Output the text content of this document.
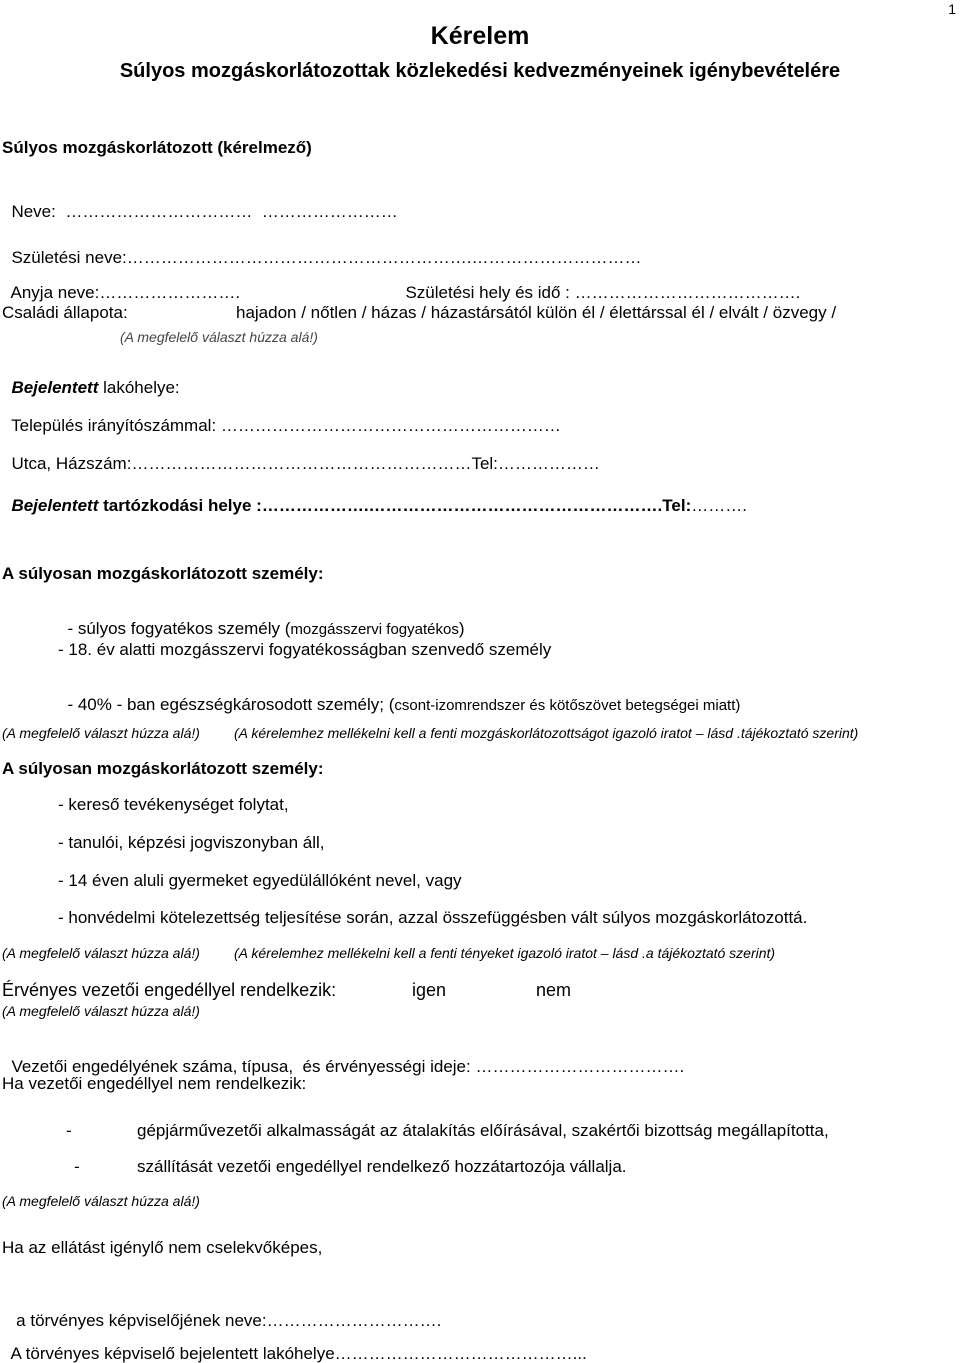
1
Kérelem
Súlyos mozgáskorlátozottak közlekedési kedvezményeinek igénybevételére
Súlyos mozgáskorlátozott (kérelmező)

Neve:  ……………………………  ……………………

Születési neve:…………………………………………………….…………………………

Anyja neve:…………………….	Születési hely és idő : ………………………………….

Családi állapota:	hajadon / nőtlen / házas / házastársától külön él / élettárssal él / elvált / özvegy /
(A megfelelő választ húzza alá!)

Bejelentett lakóhelye:

Település irányítószámmal: ……………………………………………………

Utca, Házszám:……………………………………………………Tel:………………

Bejelentett tartózkodási helye :……………….…………………………………………….Tel:……….

A súlyosan mozgáskorlátozott személy:

- súlyos fogyatékos személy (mozgásszervi fogyatékos)

- 18. év alatti mozgásszervi fogyatékosságban szenvedő személy

- 40% - ban egészségkárosodott személy; (csont-izomrendszer és kötőszövet betegségei miatt)

(A megfelelő választ húzza alá!) (A kérelemhez mellékelni kell a fenti mozgáskorlátozottságot igazoló iratot – lásd .tájékoztató szerint)
A súlyosan mozgáskorlátozott személy:
- kereső tevékenységet folytat,
- tanulói, képzési jogviszonyban áll,
- 14 éven aluli gyermeket egyedülállóként nevel, vagy
- honvédelmi kötelezettség teljesítése során, azzal összefüggésben vált súlyos mozgáskorlátozottá.
(A megfelelő választ húzza alá!) (A kérelemhez mellékelni kell a fenti tényeket igazoló iratot – lásd .a tájékoztató szerint)
Érvényes vezetői engedéllyel rendelkezik:	igen	nem
(A megfelelő választ húzza alá!)

Vezetői engedélyének száma, típusa,  és érvényességi ideje: ……………………………….

Ha vezetői engedéllyel nem rendelkezik:
-	gépjárművezetői alkalmasságát az átalakítás előírásával, szakértői bizottság megállapította,
-	szállítását vezetői engedéllyel rendelkező hozzátartozója vállalja.
(A megfelelő választ húzza alá!)
Ha az ellátást igénylő nem cselekvőképes,

a törvényes képviselőjének neve:………………………….

A törvényes képviselő bejelentett lakóhelye……………………………………...
